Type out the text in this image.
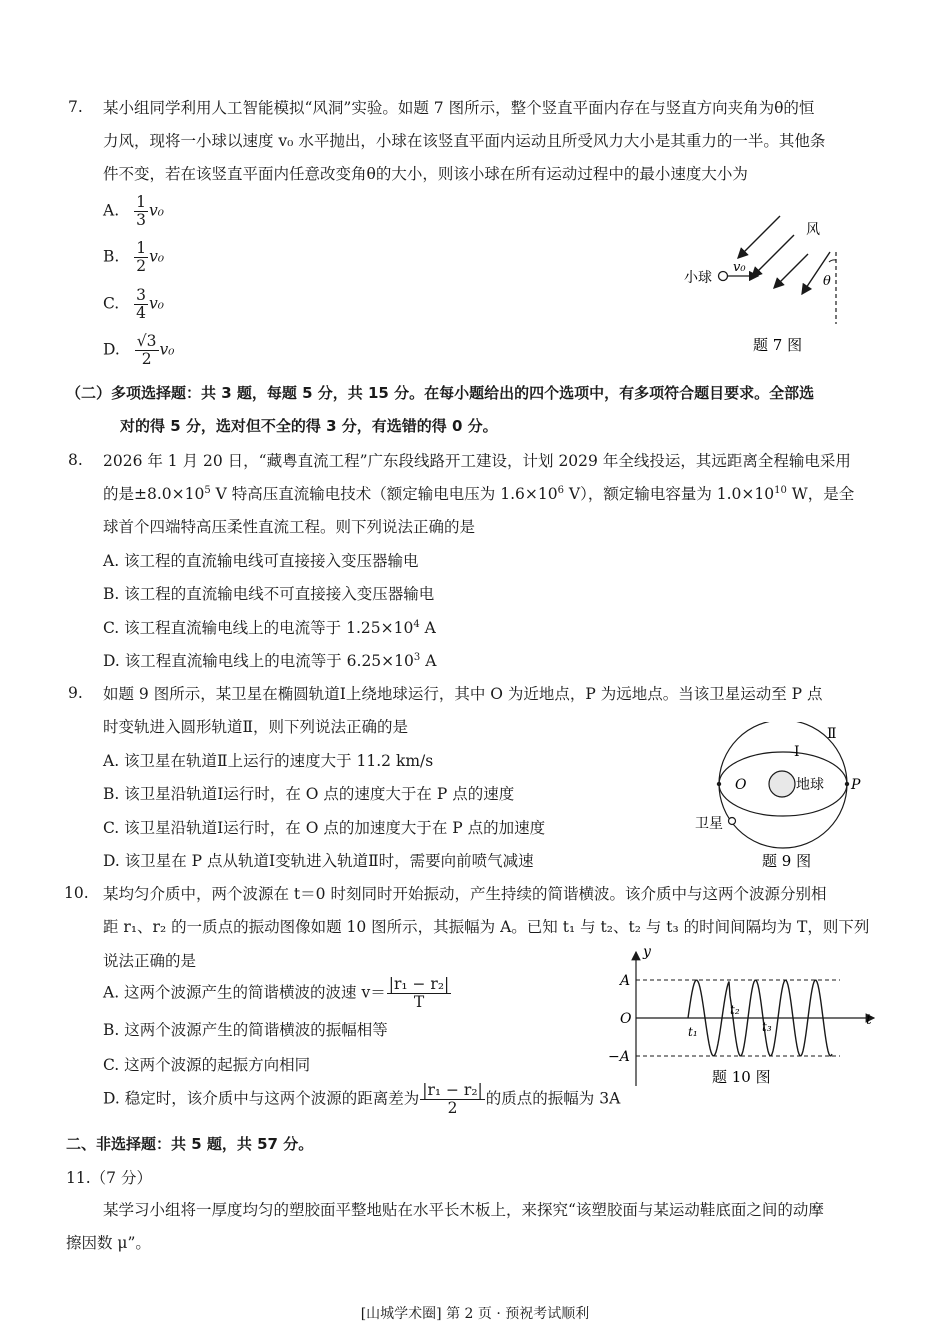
7. 某小组同学利用人工智能模拟“风洞”实验。如题 7 图所示，整个竖直平面内存在与竖直方向夹角为θ的恒
力风，现将一小球以速度 v₀ 水平抛出，小球在该竖直平面内运动且所受风力大小是其重力的一半。其他条
件不变，若在该竖直平面内任意改变角θ的大小，则该小球在所有运动过程中的最小速度大小为
A. $\frac{1}{3} v_0$
B. $\frac{1}{2} v_0$
C. $\frac{3}{4} v_0$
D. $\frac{√3}{2} v_0$
小球
v₀
风
θ
题 7 图
（二）多项选择题：共 3 题，每题 5 分，共 15 分。在每小题给出的四个选项中，有多项符合题目要求。全部选
对的得 5 分，选对但不全的得 3 分，有选错的得 0 分。
8. 2026 年 1 月 20 日，“藏粤直流工程”广东段线路开工建设，计划 2029 年全线投运，其远距离全程输电采用
的是$\pm 8.0\times 10^5$ V 特高压直流输电技术（额定输电电压为 $1.6\times 10^6$ V），额定输电容量为 $1.0\times 10^{10}$ W，是全
球首个四端特高压柔性直流工程。则下列说法正确的是
A. 该工程的直流输电线可直接接入变压器输电
B. 该工程的直流输电线不可直接接入变压器输电
C. 该工程直流输电线上的电流等于 $1.25\times 10^4$ A
D. 该工程直流输电线上的电流等于 $6.25\times 10^3$ A
9. 如题 9 图所示，某卫星在椭圆轨道Ⅰ上绕地球运行，其中 O 为近地点，P 为远地点。当该卫星运动至 P 点
时变轨进入圆形轨道Ⅱ，则下列说法正确的是
A. 该卫星在轨道Ⅱ上运行的速度大于 11.2 km/s
B. 该卫星沿轨道Ⅰ运行时，在 O 点的速度大于在 P 点的速度
C. 该卫星沿轨道Ⅰ运行时，在 O 点的加速度大于在 P 点的加速度
D. 该卫星在 P 点从轨道Ⅰ变轨进入轨道Ⅱ时，需要向前喷气减速
Ⅱ
Ⅰ
O	P
地球
卫星
题 9 图
10. 某均匀介质中，两个波源在 t＝0 时刻同时开始振动，产生持续的简谐横波。该介质中与这两个波源分别相
距 r₁、r₂ 的一质点的振动图像如题 10 图所示，其振幅为 A。已知 t₁ 与 t₂、t₂ 与 t₃ 的时间间隔均为 T，则下列
说法正确的是
A. 这两个波源产生的简谐横波的波速 $v= \frac{\text{|r₁ − r₂|}}{T}$
B. 这两个波源产生的简谐横波的振幅相等
C. 这两个波源的起振方向相同
D. 稳定时，该介质中与这两个波源的距离差为 $\frac{\text{|r₁ − r₂|}}{2}$ 的质点的振幅为 3A
y
t
A
O
−A
t₁
t₂
t₃
题 10 图
二、非选择题：共 5 题，共 57 分。
11.（7 分）
某学习小组将一厚度均匀的塑胶面平整地贴在水平长木板上，来探究“该塑胶面与某运动鞋底面之间的动摩
擦因数 μ”。
[山城学术圈] 第 2 页 · 预祝考试顺利
